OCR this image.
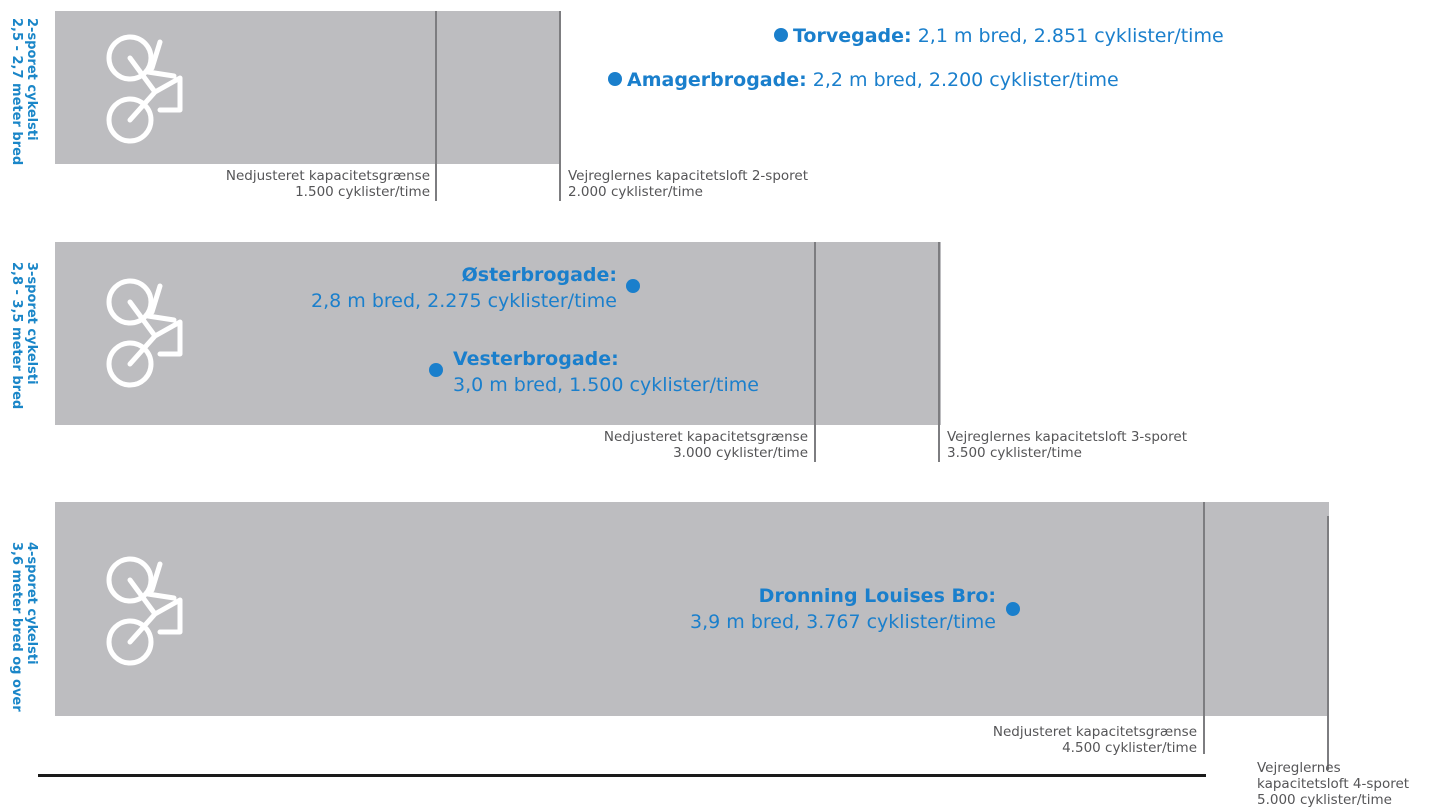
2-sporet cykelsti
2,5 - 2,7 meter bred
Nedjusteret kapacitetsgrænse
1.500 cyklister/time
Vejreglernes kapacitetsloft 2-sporet
2.000 cyklister/time
Torvegade: 2,1 m bred, 2.851 cyklister/time
Amagerbrogade: 2,2 m bred, 2.200 cyklister/time
3-sporet cykelsti
2,8 - 3,5 meter bred
Nedjusteret kapacitetsgrænse
3.000 cyklister/time
Vejreglernes kapacitetsloft 3-sporet
3.500 cyklister/time
Østerbrogade:
2,8 m bred, 2.275 cyklister/time
Vesterbrogade:
3,0 m bred, 1.500 cyklister/time
4-sporet cykelsti
3,6 meter bred og over
Nedjusteret kapacitetsgrænse
4.500 cyklister/time
Vejreglernes
kapacitetsloft 4-sporet
5.000 cyklister/time
Dronning Louises Bro:
3,9 m bred, 3.767 cyklister/time
